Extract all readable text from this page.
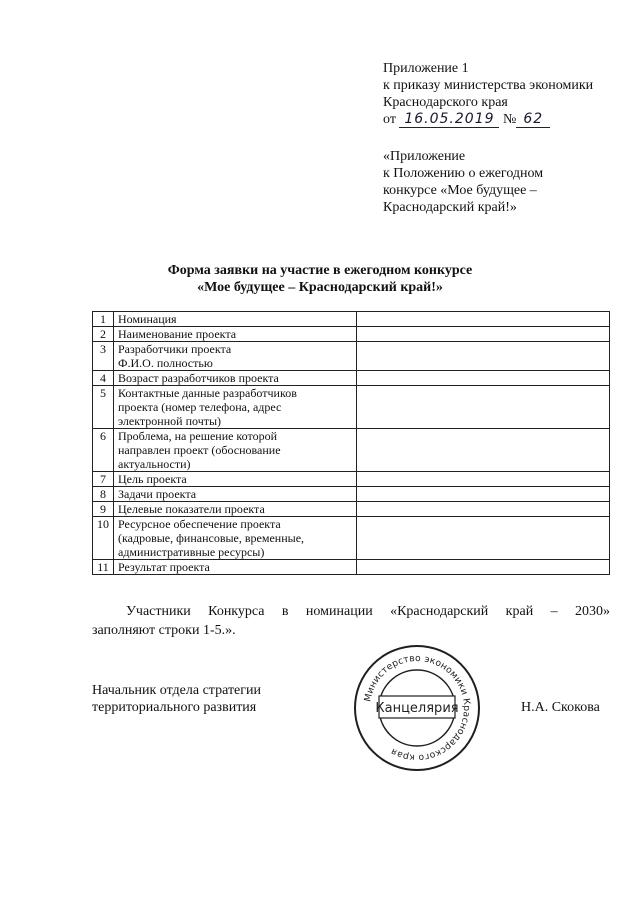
Приложение 1
к приказу министерства экономики
Краснодарского края
от 16.05.2019 № 62
«Приложение
к Положению о ежегодном
конкурсе «Мое будущее –
Краснодарский край!»
Форма заявки на участие в ежегодном конкурсе
«Мое будущее – Краснодарский край!»
1	Номинация	
2	Наименование проекта	
3	Разработчики проекта
Ф.И.О. полностью	
4	Возраст разработчиков проекта	
5	Контактные данные разработчиков
проекта (номер телефона, адрес
электронной почты)	
6	Проблема, на решение которой
направлен проект (обоснование
актуальности)	
7	Цель проекта	
8	Задачи проекта	
9	Целевые показатели проекта	
10	Ресурсное обеспечение проекта
(кадровые, финансовые, временные,
административные ресурсы)	
11	Результат проекта	
Участники Конкурса в номинации «Краснодарский край – 2030»
заполняют строки 1-5.».
Начальник отдела стратегии
территориального развития	Н.А. Скокова
Министерство экономики Краснодарского края
Канцелярия
